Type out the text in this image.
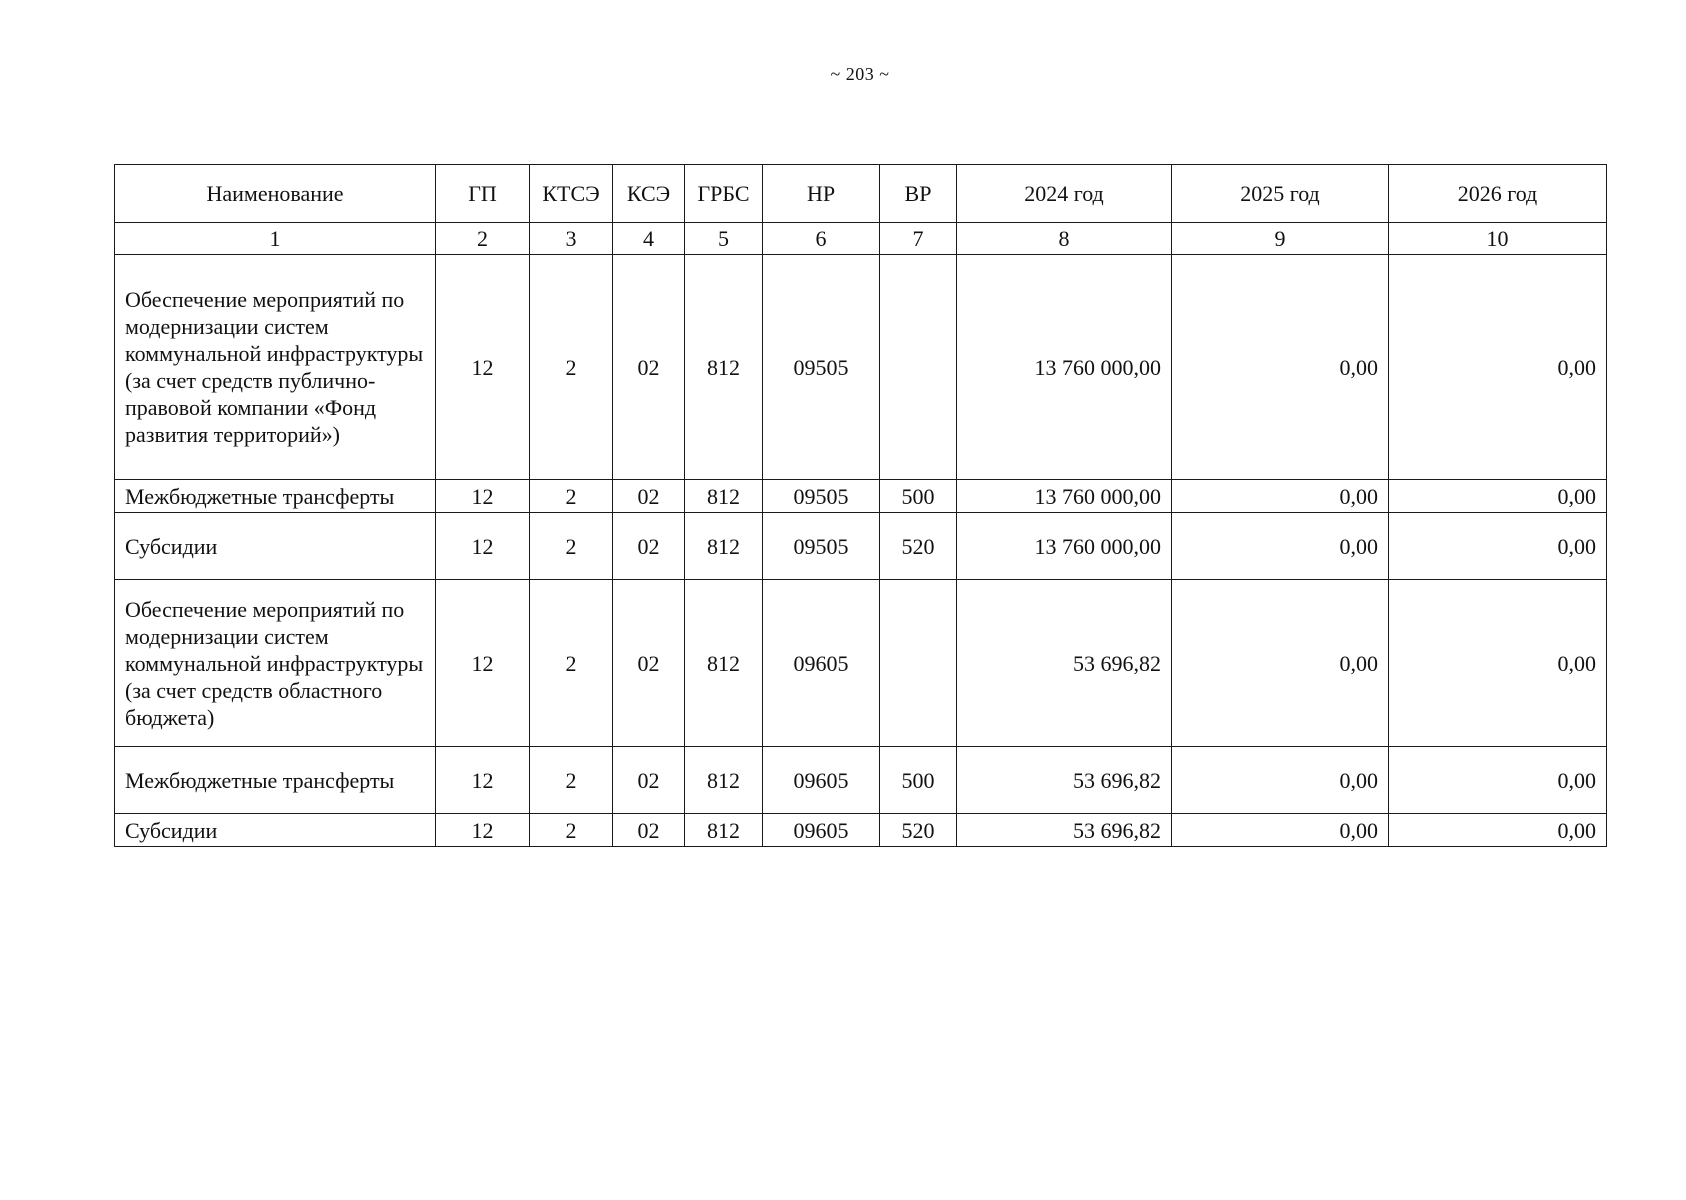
~ 203 ~
Наименование	ГП	КТСЭ	КСЭ	ГРБС	НР	ВР	2024 год	2025 год	2026 год
1	2	3	4	5	6	7	8	9	10
Обеспечение мероприятий по модернизации систем коммунальной инфраструктуры (за счет средств публично-правовой компании «Фонд развития территорий»)	12	2	02	812	09505		13 760 000,00	0,00	0,00
Межбюджетные трансферты	12	2	02	812	09505	500	13 760 000,00	0,00	0,00
Субсидии	12	2	02	812	09505	520	13 760 000,00	0,00	0,00
Обеспечение мероприятий по модернизации систем коммунальной инфраструктуры (за счет средств областного бюджета)	12	2	02	812	09605		53 696,82	0,00	0,00
Межбюджетные трансферты	12	2	02	812	09605	500	53 696,82	0,00	0,00
Субсидии	12	2	02	812	09605	520	53 696,82	0,00	0,00
